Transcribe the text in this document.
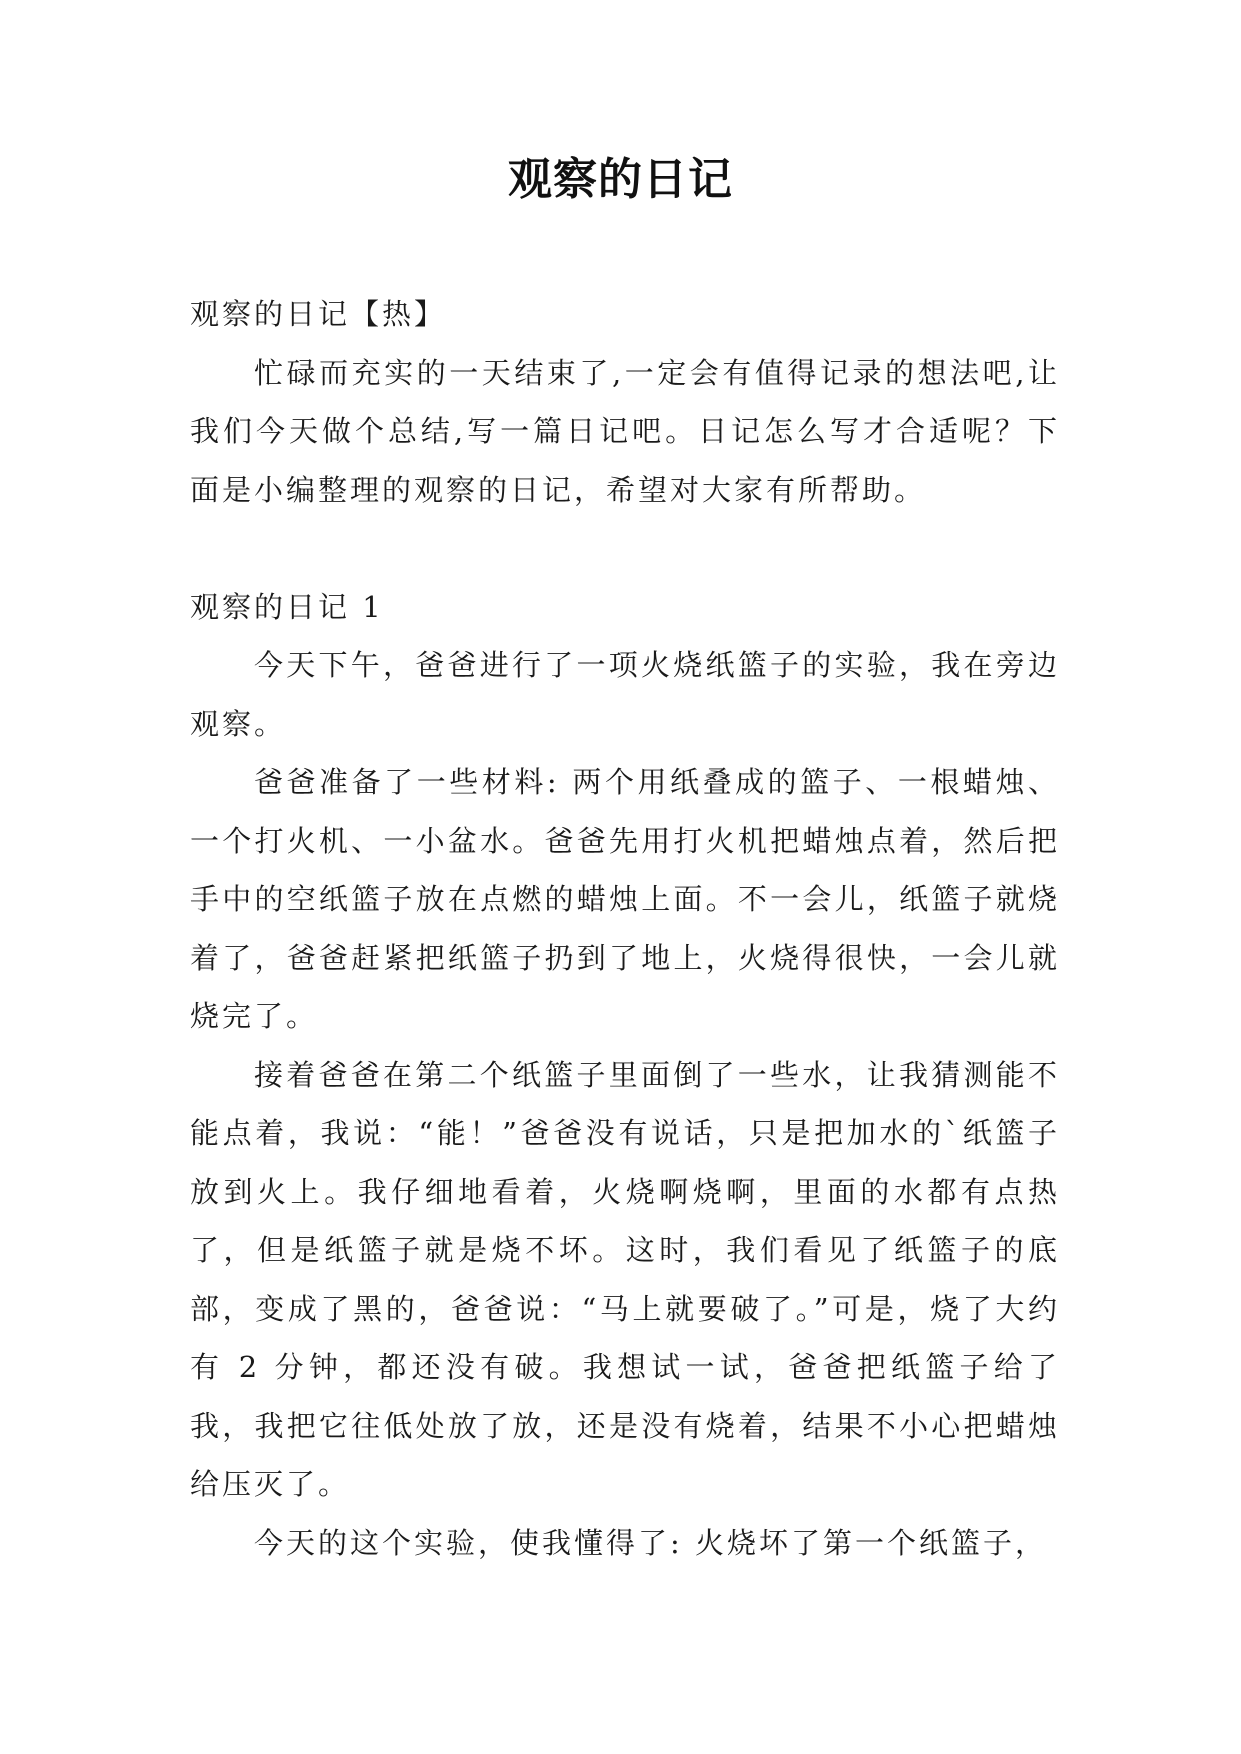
观察的日记

观察的日记【热】

忙碌而充实的一天结束了,一定会有值得记录的想法吧,让我们今天做个总结,写一篇日记吧。日记怎么写才合适呢？下面是小编整理的观察的日记，希望对大家有所帮助。

观察的日记 1

今天下午，爸爸进行了一项火烧纸篮子的实验，我在旁边观察。

爸爸准备了一些材料: 两个用纸叠成的篮子、一根蜡烛、一个打火机、一小盆水。爸爸先用打火机把蜡烛点着，然后把手中的空纸篮子放在点燃的蜡烛上面。不一会儿，纸篮子就烧着了，爸爸赶紧把纸篮子扔到了地上，火烧得很快，一会儿就烧完了。

接着爸爸在第二个纸篮子里面倒了一些水，让我猜测能不能点着，我说：“能！”爸爸没有说话，只是把加水的`纸篮子放到火上。我仔细地看着，火烧啊烧啊，里面的水都有点热了，但是纸篮子就是烧不坏。这时，我们看见了纸篮子的底部，变成了黑的，爸爸说：“马上就要破了。”可是，烧了大约有 2 分钟，都还没有破。我想试一试，爸爸把纸篮子给了我，我把它往低处放了放，还是没有烧着，结果不小心把蜡烛给压灭了。

今天的这个实验，使我懂得了: 火烧坏了第一个纸篮子，
